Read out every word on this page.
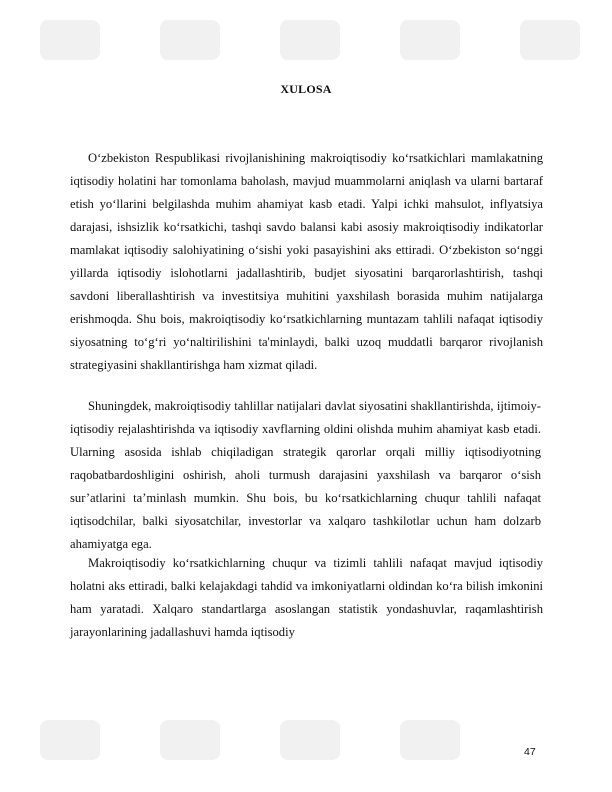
XULOSA

O‘zbekiston Respublikasi rivojlanishining makroiqtisodiy ko‘rsatkichlari mamlakatning iqtisodiy holatini har tomonlama baholash, mavjud muammolarni aniqlash va ularni bartaraf etish yo‘llarini belgilashda muhim ahamiyat kasb etadi. Yalpi ichki mahsulot, inflyatsiya darajasi, ishsizlik ko‘rsatkichi, tashqi savdo balansi kabi asosiy makroiqtisodiy indikatorlar mamlakat iqtisodiy salohiyatining o‘sishi yoki pasayishini aks ettiradi. O‘zbekiston so‘nggi yillarda iqtisodiy islohotlarni jadallashtirib, budjet siyosatini barqarorlashtirish, tashqi savdoni liberallashtirish va investitsiya muhitini yaxshilash borasida muhim natijalarga erishmoqda. Shu bois, makroiqtisodiy ko‘rsatkichlarning muntazam tahlili nafaqat iqtisodiy siyosatning to‘g‘ri yo‘naltirilishini ta'minlaydi, balki uzoq muddatli barqaror rivojlanish strategiyasini shakllantirishga ham xizmat qiladi.

Shuningdek, makroiqtisodiy tahlillar natijalari davlat siyosatini shakllantirishda, ijtimoiy-iqtisodiy rejalashtirishda va iqtisodiy xavflarning oldini olishda muhim ahamiyat kasb etadi. Ularning asosida ishlab chiqiladigan strategik qarorlar orqali milliy iqtisodiyotning raqobatbardoshligini oshirish, aholi turmush darajasini yaxshilash va barqaror o‘sish sur’atlarini ta’minlash mumkin. Shu bois, bu ko‘rsatkichlarning chuqur tahlili nafaqat iqtisodchilar, balki siyosatchilar, investorlar va xalqaro tashkilotlar uchun ham dolzarb ahamiyatga ega.

Makroiqtisodiy ko‘rsatkichlarning chuqur va tizimli tahlili nafaqat mavjud iqtisodiy holatni aks ettiradi, balki kelajakdagi tahdid va imkoniyatlarni oldindan ko‘ra bilish imkonini ham yaratadi. Xalqaro standartlarga asoslangan statistik yondashuvlar, raqamlashtirish jarayonlarining jadallashuvi hamda iqtisodiy

47
